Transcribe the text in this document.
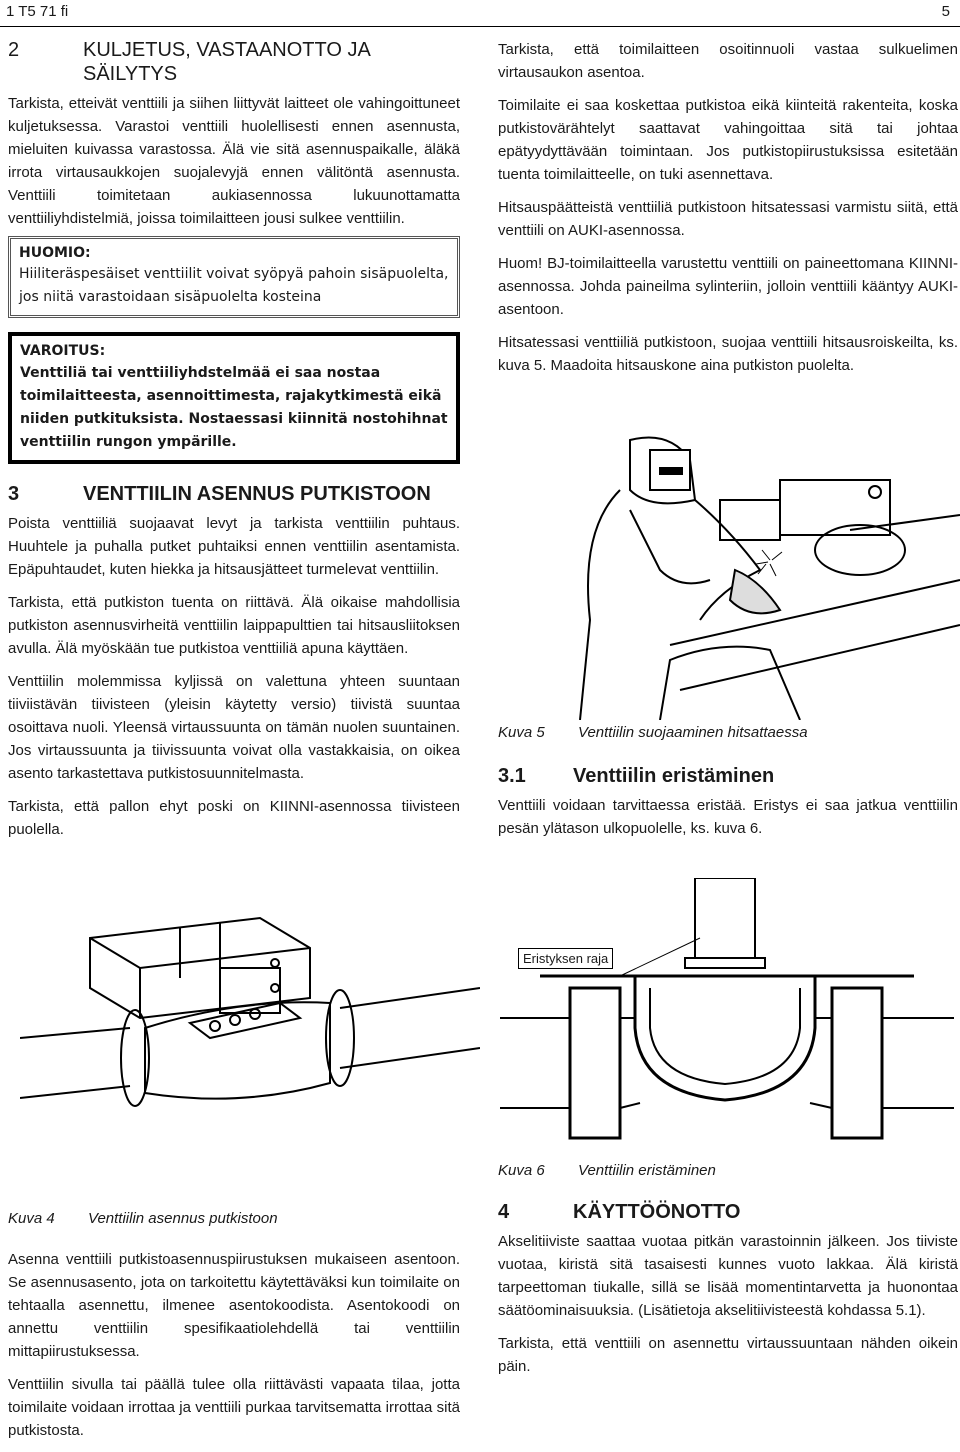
1 T5 71 fi	5
2	KULJETUS, VASTAANOTTO JA
SÄILYTYS

Tarkista, etteivät venttiili ja siihen liittyvät laitteet ole vahingoittuneet kuljetuksessa. Varastoi venttiili huolellisesti ennen asennusta, mieluiten kuivassa varastossa. Älä vie sitä asennuspaikalle, äläkä irrota virtausaukkojen suojalevyjä ennen välitöntä asennusta. Venttiili toimitetaan aukiasennossa lukuunottamatta venttiiliyhdistelmiä, joissa toimilaitteen jousi sulkee venttiilin.

HUOMIO:
Hiiliteräspesäiset venttiilit voivat syöpyä pahoin sisäpuolelta, jos niitä varastoidaan sisäpuolelta kosteina
VAROITUS:
Venttiliä tai venttiiliyhdstelmää ei saa nostaa toimilaitteesta, asennoittimesta, rajakytkimestä eikä niiden putkituksista. Nostaessasi kiinnitä nostohihnat venttiilin rungon ympärille.
3	VENTTIILIN ASENNUS PUTKISTOON

Poista venttiiliä suojaavat levyt ja tarkista venttiilin puhtaus. Huuhtele ja puhalla putket puhtaiksi ennen venttiilin asentamista. Epäpuhtaudet, kuten hiekka ja hitsausjätteet turmelevat venttiilin.

Tarkista, että putkiston tuenta on riittävä. Älä oikaise mahdollisia putkiston asennusvirheitä venttiilin laippapulttien tai hitsausliitoksen avulla. Älä myöskään tue putkistoa venttiiliä apuna käyttäen.

Venttiilin molemmissa kyljissä on valettuna yhteen suuntaan tiiviistävän tiivisteen (yleisin käytetty versio) tiivistä suuntaa osoittava nuoli. Yleensä virtaussuunta on tämän nuolen suuntainen. Jos virtaussuunta ja tiivissuunta voivat olla vastakkaisia, on oikea asento tarkastettava putkistosuunnitelmasta.

Tarkista, että pallon ehyt poski on KIINNI-asennossa tiivisteen puolella.

Tarkista, että toimilaitteen osoitinnuoli vastaa sulkuelimen virtausaukon asentoa.

Toimilaite ei saa koskettaa putkistoa eikä kiinteitä rakenteita, koska putkistovärähtelyt saattavat vahingoittaa sitä tai johtaa epätyydyttävään toimintaan. Jos putkistopiirustuksissa esitetään tuenta toimilaitteelle, on tuki asennettava.

Hitsauspäätteistä venttiiliä putkistoon hitsatessasi varmistu siitä, että venttiili on AUKI-asennossa.

Huom! BJ-toimilaitteella varustettu venttiili on paineettomana KIINNI-asennossa. Johda paineilma sylinteriin, jolloin venttiili kääntyy AUKI-asentoon.

Hitsatessasi venttiiliä putkistoon, suojaa venttiili hitsausroiskeilta, ks. kuva 5. Maadoita hitsauskone aina putkiston puolelta.

Kuva 5	Venttiilin suojaaminen hitsattaessa
3.1	Venttiilin eristäminen

Venttiili voidaan tarvittaessa eristää. Eristys ei saa jatkua venttiilin pesän ylätason ulkopuolelle, ks. kuva 6.

Kuva 4	Venttiilin asennus putkistoon
Eristyksen raja
Kuva 6	Venttiilin eristäminen

Asenna venttiili putkistoasennuspiirustuksen mukaiseen asentoon. Se asennusasento, jota on tarkoitettu käytettäväksi kun toimilaite on tehtaalla asennettu, ilmenee asentokoodista. Asentokoodi on annettu venttiilin spesifikaatiolehdellä tai venttiilin mittapiirustuksessa.

Venttiilin sivulla tai päällä tulee olla riittävästi vapaata tilaa, jotta toimilaite voidaan irrottaa ja venttiili purkaa tarvitsematta irrottaa sitä putkistosta.

4	KÄYTTÖÖNOTTO

Akselitiiviste saattaa vuotaa pitkän varastoinnin jälkeen. Jos tiiviste vuotaa, kiristä sitä tasaisesti kunnes vuoto lakkaa. Älä kiristä tarpeettoman tiukalle, sillä se lisää momentintarvetta ja huonontaa säätöominaisuuksia. (Lisätietoja akselitiivisteestä kohdassa 5.1).

Tarkista, että venttiili on asennettu virtaussuuntaan nähden oikein päin.
